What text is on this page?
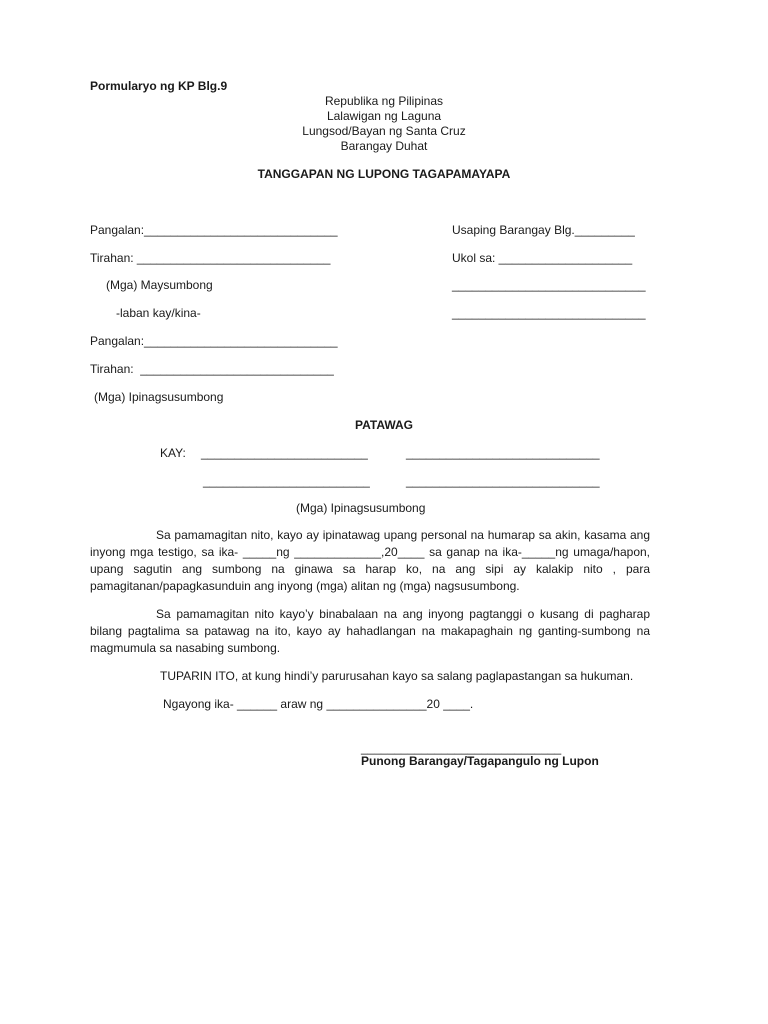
Pormularyo ng KP Blg.9
Republika ng Pilipinas
Lalawigan ng Laguna
Lungsod/Bayan ng Santa Cruz
Barangay Duhat
TANGGAPAN NG LUPONG TAGAPAMAYAPA
Pangalan:_____________________________
Tirahan: _____________________________
(Mga) Maysumbong
-laban kay/kina-
Usaping Barangay Blg._________
Ukol sa: ____________________
_____________________________
_____________________________
Pangalan:_____________________________
Tirahan:  _____________________________
(Mga) Ipinagsusumbong
PATAWAG
KAY: _________________________	_____________________________
_________________________	_____________________________
(Mga) Ipinagsusumbong
Sa pamamagitan nito, kayo ay ipinatawag upang personal na humarap sa akin, kasama ang inyong mga testigo, sa ika- _____ng _____________,20____ sa ganap na ika-_____ng umaga/hapon, upang sagutin ang sumbong na ginawa sa harap ko, na ang sipi ay kalakip nito , para pamagitanan/papagkasunduin ang inyong (mga) alitan ng (mga) nagsusumbong.
Sa pamamagitan nito kayo’y binabalaan na ang inyong pagtanggi o kusang di pagharap bilang pagtalima sa patawag na ito, kayo ay hahadlangan na makapaghain ng ganting-sumbong na magmumula sa nasabing sumbong.
TUPARIN ITO, at kung hindi’y parurusahan kayo sa salang paglapastangan sa hukuman.
Ngayong ika- ______ araw ng _______________20 ____.
______________________________
Punong Barangay/Tagapangulo ng Lupon
